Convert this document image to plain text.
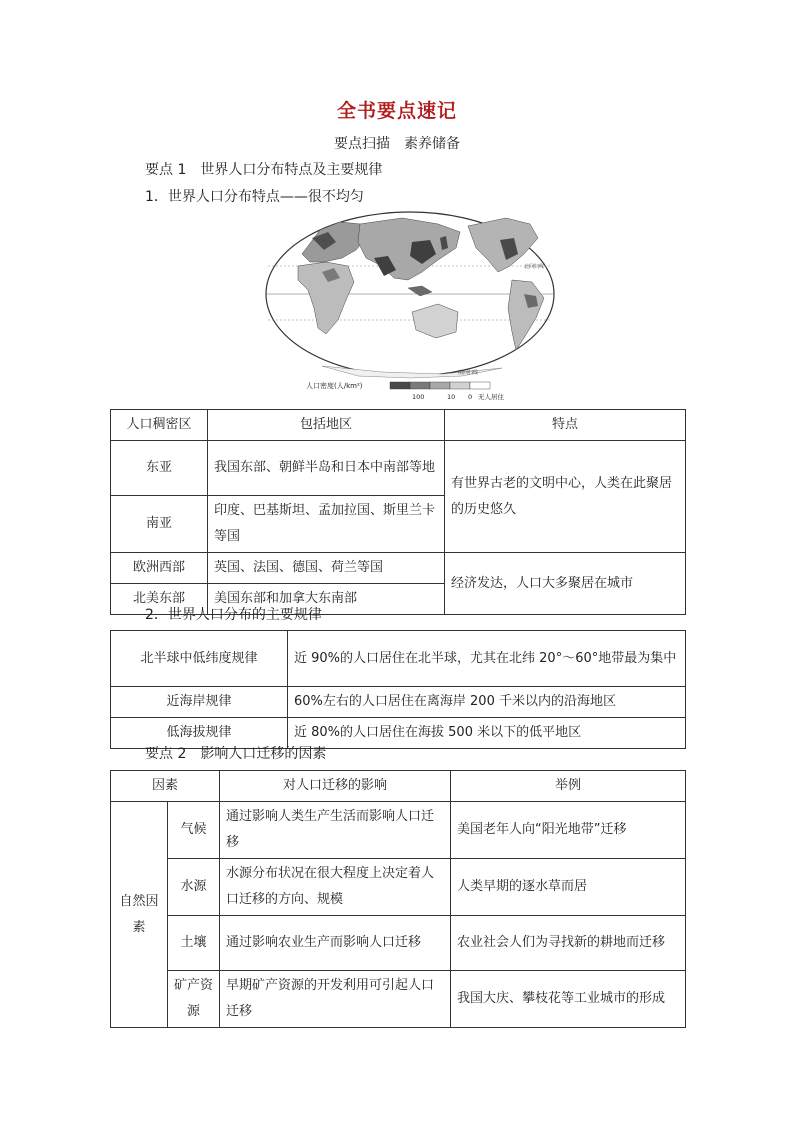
全书要点速记
要点扫描　素养储备
要点 1　世界人口分布特点及主要规律
1．世界人口分布特点——很不均匀
北回归线
南回归线
人口密度(人/km²)
100	10 0 无人居住
人口稠密区	包括地区	特点
东亚	我国东部、朝鲜半岛和日本中南部等地	有世界古老的文明中心，人类在此聚居的历史悠久
南亚	印度、巴基斯坦、孟加拉国、斯里兰卡等国	
欧洲西部	英国、法国、德国、荷兰等国	经济发达，人口大多聚居在城市
北美东部	美国东部和加拿大东南部	
2．世界人口分布的主要规律
北半球中低纬度规律	近 90%的人口居住在北半球，尤其在北纬 20°～60°地带最为集中
近海岸规律	60%左右的人口居住在离海岸 200 千米以内的沿海地区
低海拔规律	近 80%的人口居住在海拔 500 米以下的低平地区
要点 2　影响人口迁移的因素
因素		对人口迁移的影响	举例
自然因素	气候	通过影响人类生产生活而影响人口迁移	美国老年人向“阳光地带”迁移
	水源	水源分布状况在很大程度上决定着人口迁移的方向、规模	人类早期的逐水草而居
	土壤	通过影响农业生产而影响人口迁移	农业社会人们为寻找新的耕地而迁移
	矿产资源	早期矿产资源的开发利用可引起人口迁移	我国大庆、攀枝花等工业城市的形成
